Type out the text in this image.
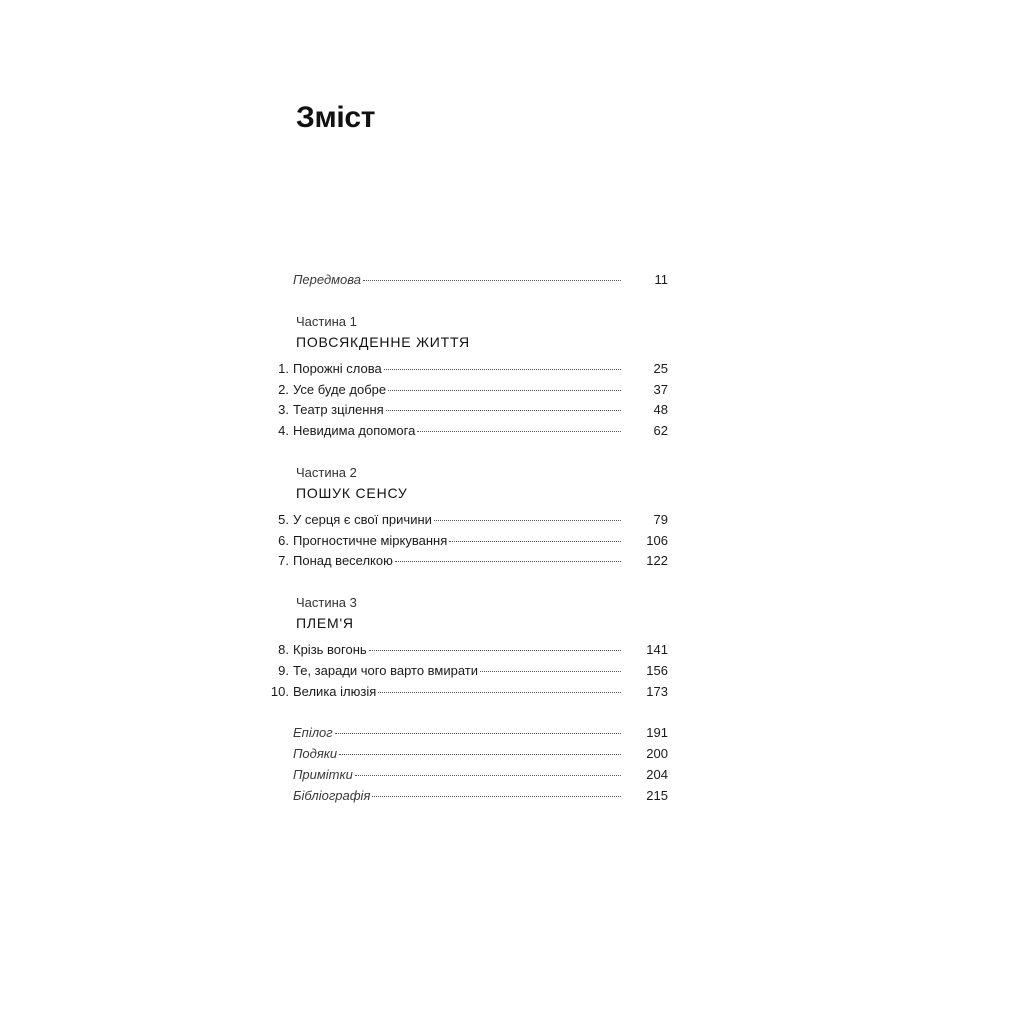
Зміст
Передмова	11

Частина 1

ПОВСЯКДЕННЕ ЖИТТЯ

1. Порожні слова	25
2. Усе буде добре	37
3. Театр зцілення	48
4. Невидима допомога	62

Частина 2

ПОШУК СЕНСУ

5. У серця є свої причини	79
6. Прогностичне міркування	106
7. Понад веселкою	122

Частина 3

ПЛЕМ'Я

8. Крізь вогонь	141
9. Те, заради чого варто вмирати	156
10. Велика ілюзія	173
Епілог	191
Подяки	200
Примітки	204
Бібліографія	215
